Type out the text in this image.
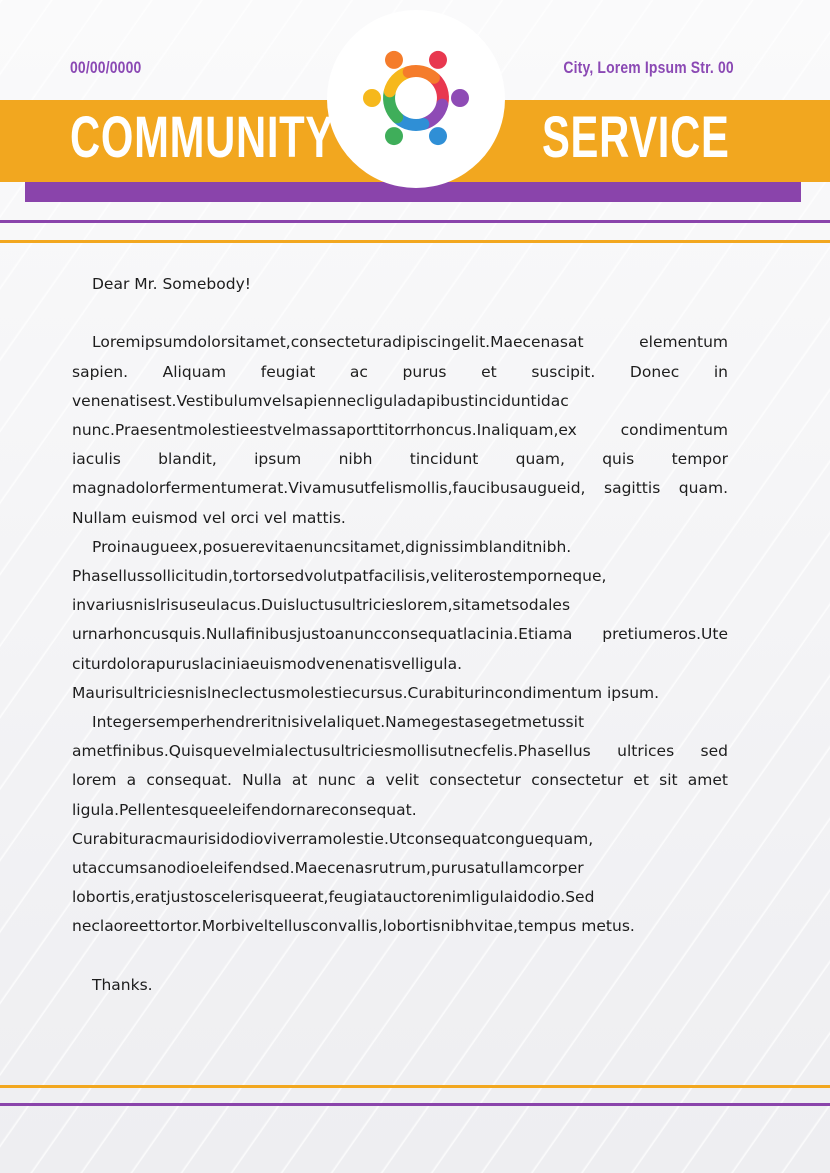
00/00/0000	City, Lorem Ipsum Str. 00
COMMUNITY	SERVICE

Dear Mr. Somebody!

Loremipsumdolorsitamet,consecteturadipiscingelit.Maecenasat elementum sapien. Aliquam feugiat ac purus et suscipit. Donec in venenatisest.Vestibulumvelsapiennecliguladapibustinciduntidac nunc.Praesentmolestieestvelmassaporttitorrhoncus.Inaliquam,ex condimentum iaculis blandit, ipsum nibh tincidunt quam, quis tempor magnadolorfermentumerat.Vivamusutfelismollis,faucibusaugueid, sagittis quam. Nullam euismod vel orci vel mattis.

Proinaugueex,posuerevitaenuncsitamet,dignissimblanditnibh. Phasellussollicitudin,tortorsedvolutpatfacilisis,veliterostemporneque, invariusnislrisuseulacus.Duisluctusultricieslorem,sitametsodales urnarhoncusquis.Nullafinibusjustoanuncconsequatlacinia.Etiama pretiumeros.Ute citurdolorapuruslaciniaeuismodvenenatisvelligula. Maurisultriciesnislneclectusmolestiecursus.Curabiturincondimentum ipsum.

Integersemperhendreritnisivelaliquet.Namegestasegetmetussit ametfinibus.Quisquevelmialectusultriciesmollisutnecfelis.Phasellus ultrices sed lorem a consequat. Nulla at nunc a velit consectetur consectetur et sit amet ligula.Pellentesqueeleifendornareconsequat. Curabituracmaurisidodioviverramolestie.Utconsequatconguequam, utaccumsanodioeleifendsed.Maecenasrutrum,purusatullamcorper lobortis,eratjustoscelerisqueerat,feugiatauctorenimligulaidodio.Sed neclaoreettortor.Morbiveltellusconvallis,lobortisnibhvitae,tempus metus.

Thanks.
